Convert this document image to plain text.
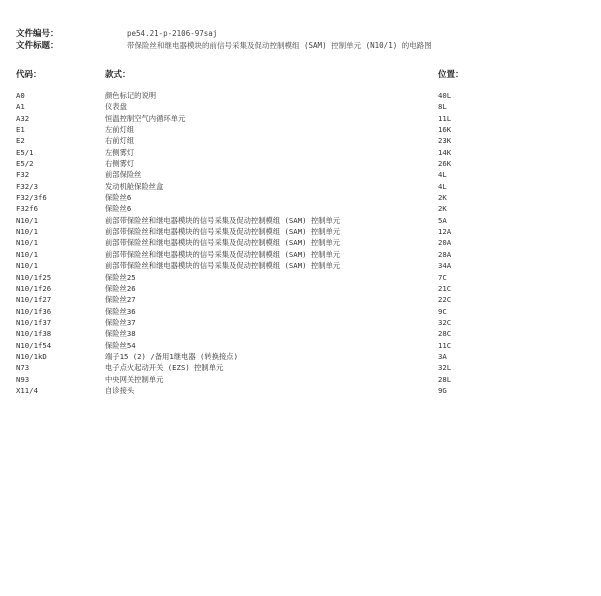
文件编号：	pe54.21-p-2106-97saj
文件标题：	带保险丝和继电器模块的前信号采集及促动控制模组 (SAM) 控制单元 (N10/1) 的电路图
代码：	款式：	位置：
A0	颜色标记的说明	40L
A1	仪表盘	8L
A32	恒温控制空气内循环单元	11L
E1	左前灯组	16K
E2	右前灯组	23K
E5/1	左侧雾灯	14K
E5/2	右侧雾灯	26K
F32	前部保险丝	4L
F32/3	发动机舱保险丝盒	4L
F32/3f6	保险丝6	2K
F32f6	保险丝6	2K
N10/1	前部带保险丝和继电器模块的信号采集及促动控制模组 (SAM) 控制单元	5A
N10/1	前部带保险丝和继电器模块的信号采集及促动控制模组 (SAM) 控制单元	12A
N10/1	前部带保险丝和继电器模块的信号采集及促动控制模组 (SAM) 控制单元	20A
N10/1	前部带保险丝和继电器模块的信号采集及促动控制模组 (SAM) 控制单元	28A
N10/1	前部带保险丝和继电器模块的信号采集及促动控制模组 (SAM) 控制单元	34A
N10/1f25	保险丝25	7C
N10/1f26	保险丝26	21C
N10/1f27	保险丝27	22C
N10/1f36	保险丝36	9C
N10/1f37	保险丝37	32C
N10/1f38	保险丝38	28C
N10/1f54	保险丝54	11C
N10/1kD	端子15 (2) /备用1继电器 (转换接点)	3A
N73	电子点火起动开关 (EZS) 控制单元	32L
N93	中央网关控制单元	28L
X11/4	自诊接头	9G
